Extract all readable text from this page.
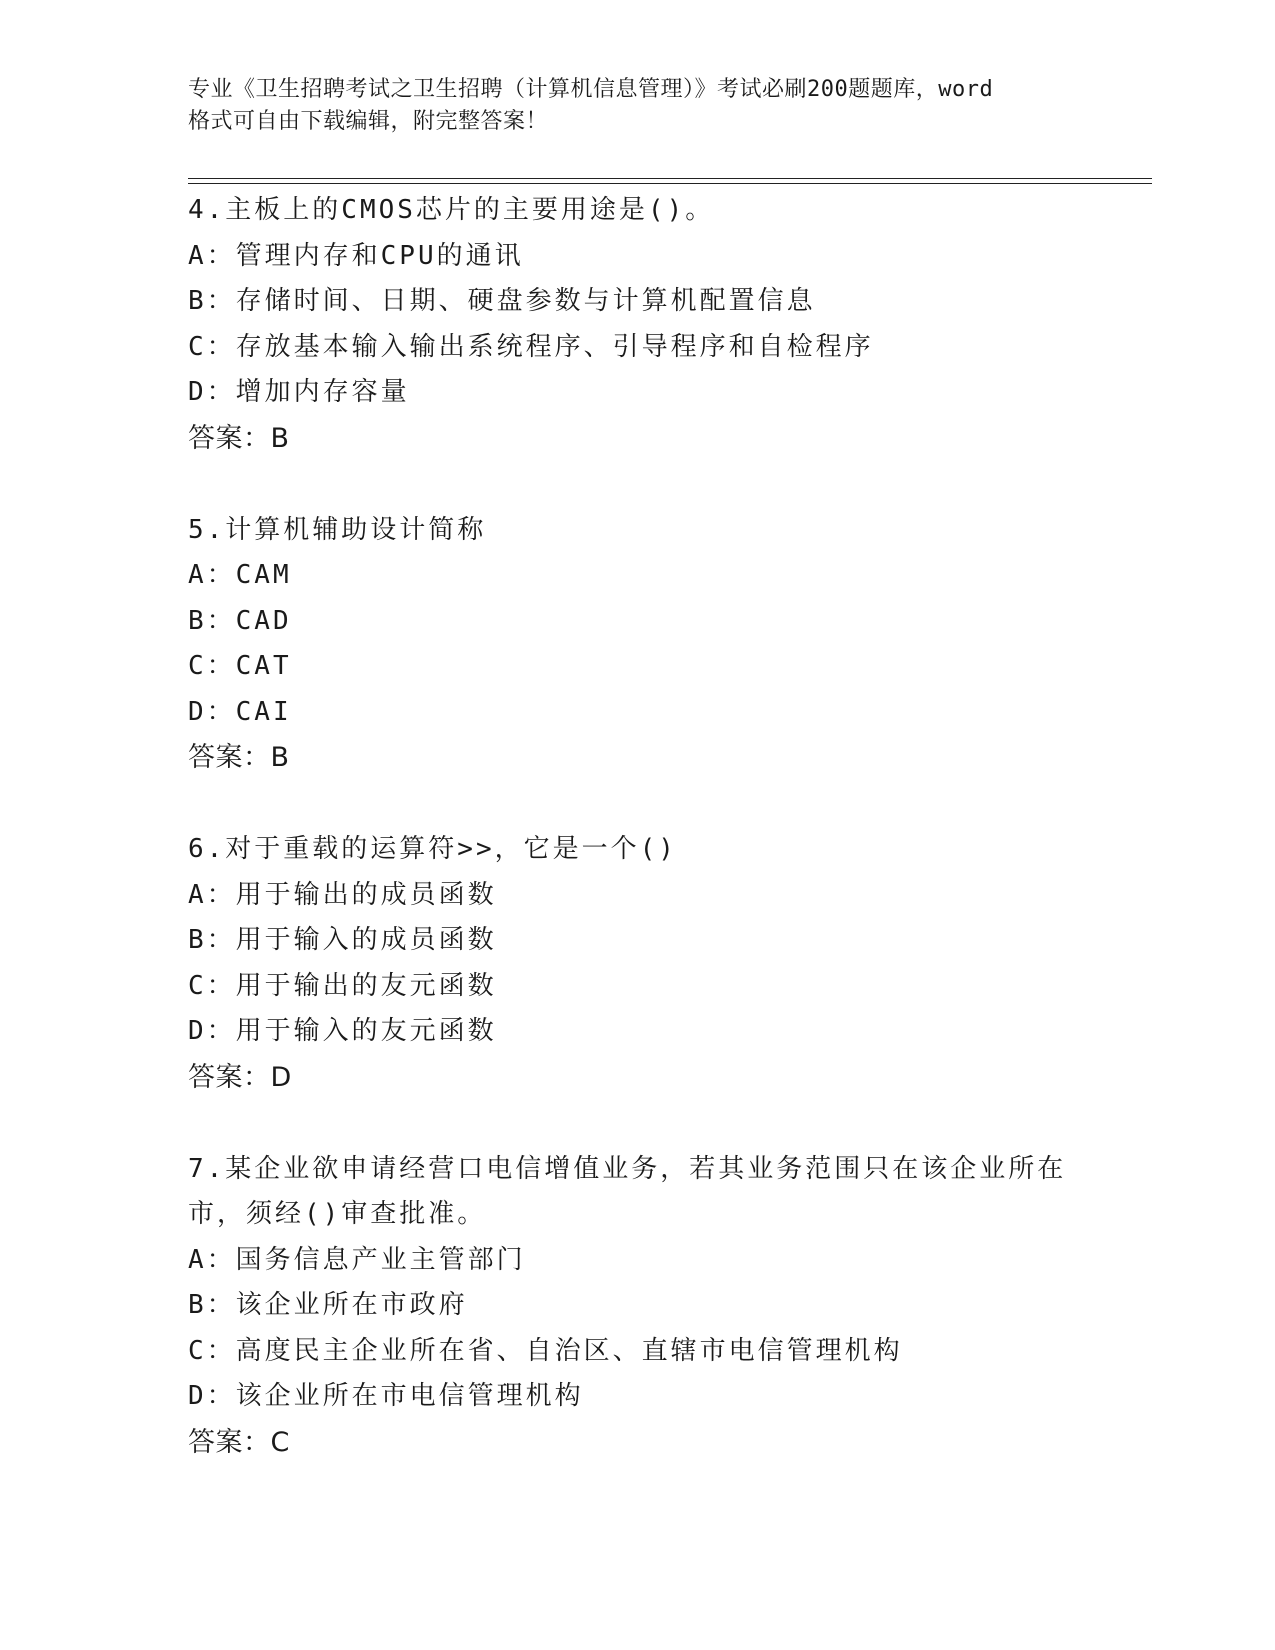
专业《卫生招聘考试之卫生招聘（计算机信息管理）》考试必刷200题题库，word
格式可自由下载编辑，附完整答案！
4.主板上的CMOS芯片的主要用途是()。
A：管理内存和CPU的通讯
B：存储时间、日期、硬盘参数与计算机配置信息
C：存放基本输入输出系统程序、引导程序和自检程序
D：增加内存容量
答案：B
5.计算机辅助设计简称
A：CAM
B：CAD
C：CAT
D：CAI
答案：B
6.对于重载的运算符>>，它是一个()
A：用于输出的成员函数
B：用于输入的成员函数
C：用于输出的友元函数
D：用于输入的友元函数
答案：D
7.某企业欲申请经营口电信增值业务，若其业务范围只在该企业所在
市，须经()审查批准。
A：国务信息产业主管部门
B：该企业所在市政府
C：高度民主企业所在省、自治区、直辖市电信管理机构
D：该企业所在市电信管理机构
答案：C
